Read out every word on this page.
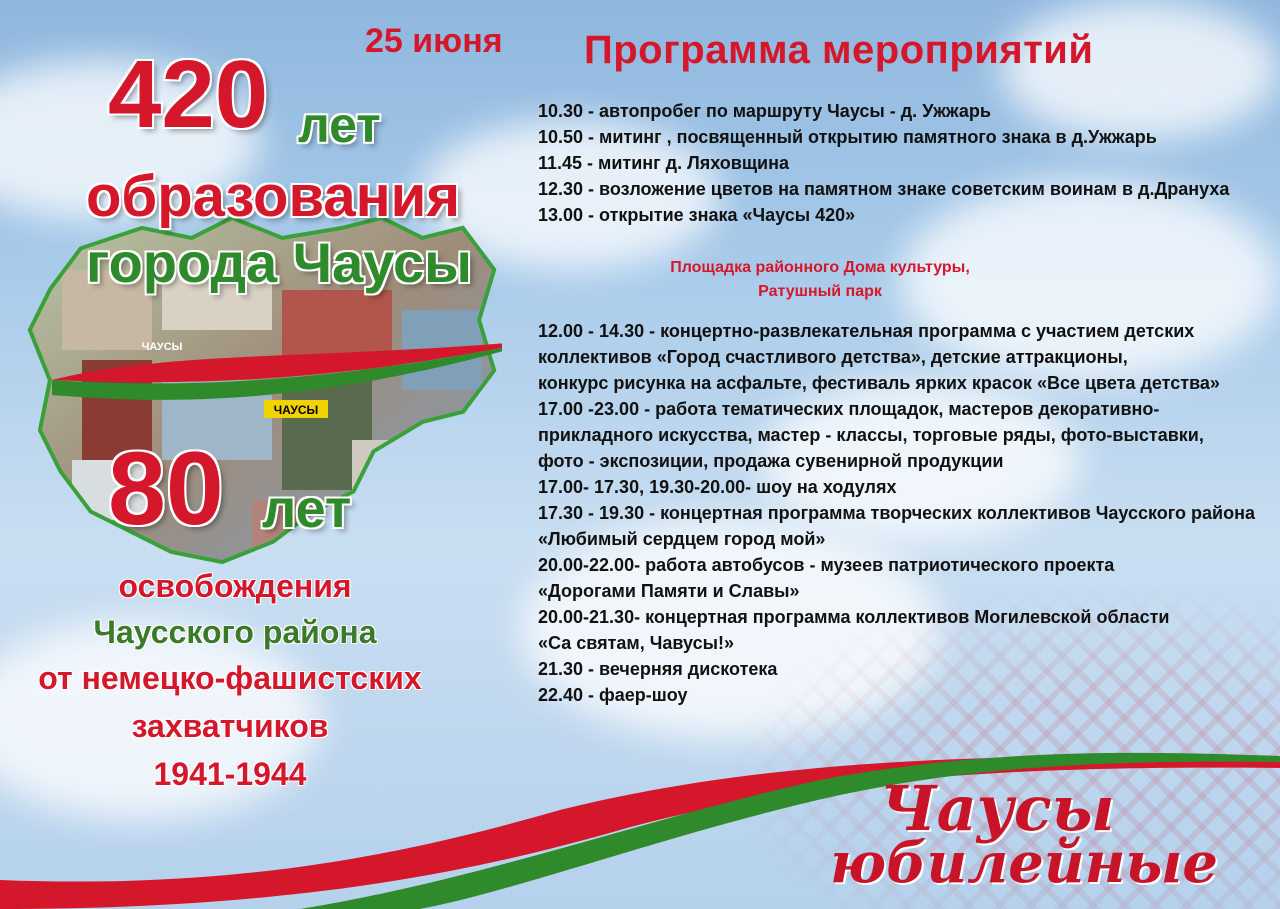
ЧАУСЫ
ЧАУСЫ
420 лет
образования
города Чаусы
80 лет
освобождения
Чаусского района
от немецко-фашистских
захватчиков
1941-1944
25 июня Программа мероприятий
10.30 - автопробег по маршруту Чаусы - д. Ужжарь
10.50 - митинг , посвященный открытию памятного знака в д.Ужжарь
11.45 - митинг д. Ляховщина
12.30 - возложение цветов на памятном знаке советским воинам в д.Дрануха
13.00 - открытие знака «Чаусы 420»
Площадка районного Дома культуры,
Ратушный парк
12.00 - 14.30 - концертно-развлекательная программа с участием детских
коллективов «Город счастливого детства», детские аттракционы,
конкурс рисунка на асфальте, фестиваль ярких красок «Все цвета детства»
17.00 -23.00 - работа тематических площадок, мастеров декоративно-
прикладного искусства, мастер - классы, торговые ряды, фото-выставки,
фото - экспозиции, продажа сувенирной продукции
17.00- 17.30, 19.30-20.00- шоу на ходулях
17.30 - 19.30 - концертная программа творческих коллективов Чаусского района
«Любимый сердцем город мой»
20.00-22.00- работа автобусов - музеев патриотического проекта
«Дорогами Памяти и Славы»
20.00-21.30- концертная программа коллективов Могилевской области
«Са святам, Чавусы!»
21.30 - вечерняя дискотека
22.40 - фаер-шоу
Чаусы
юбилейные
